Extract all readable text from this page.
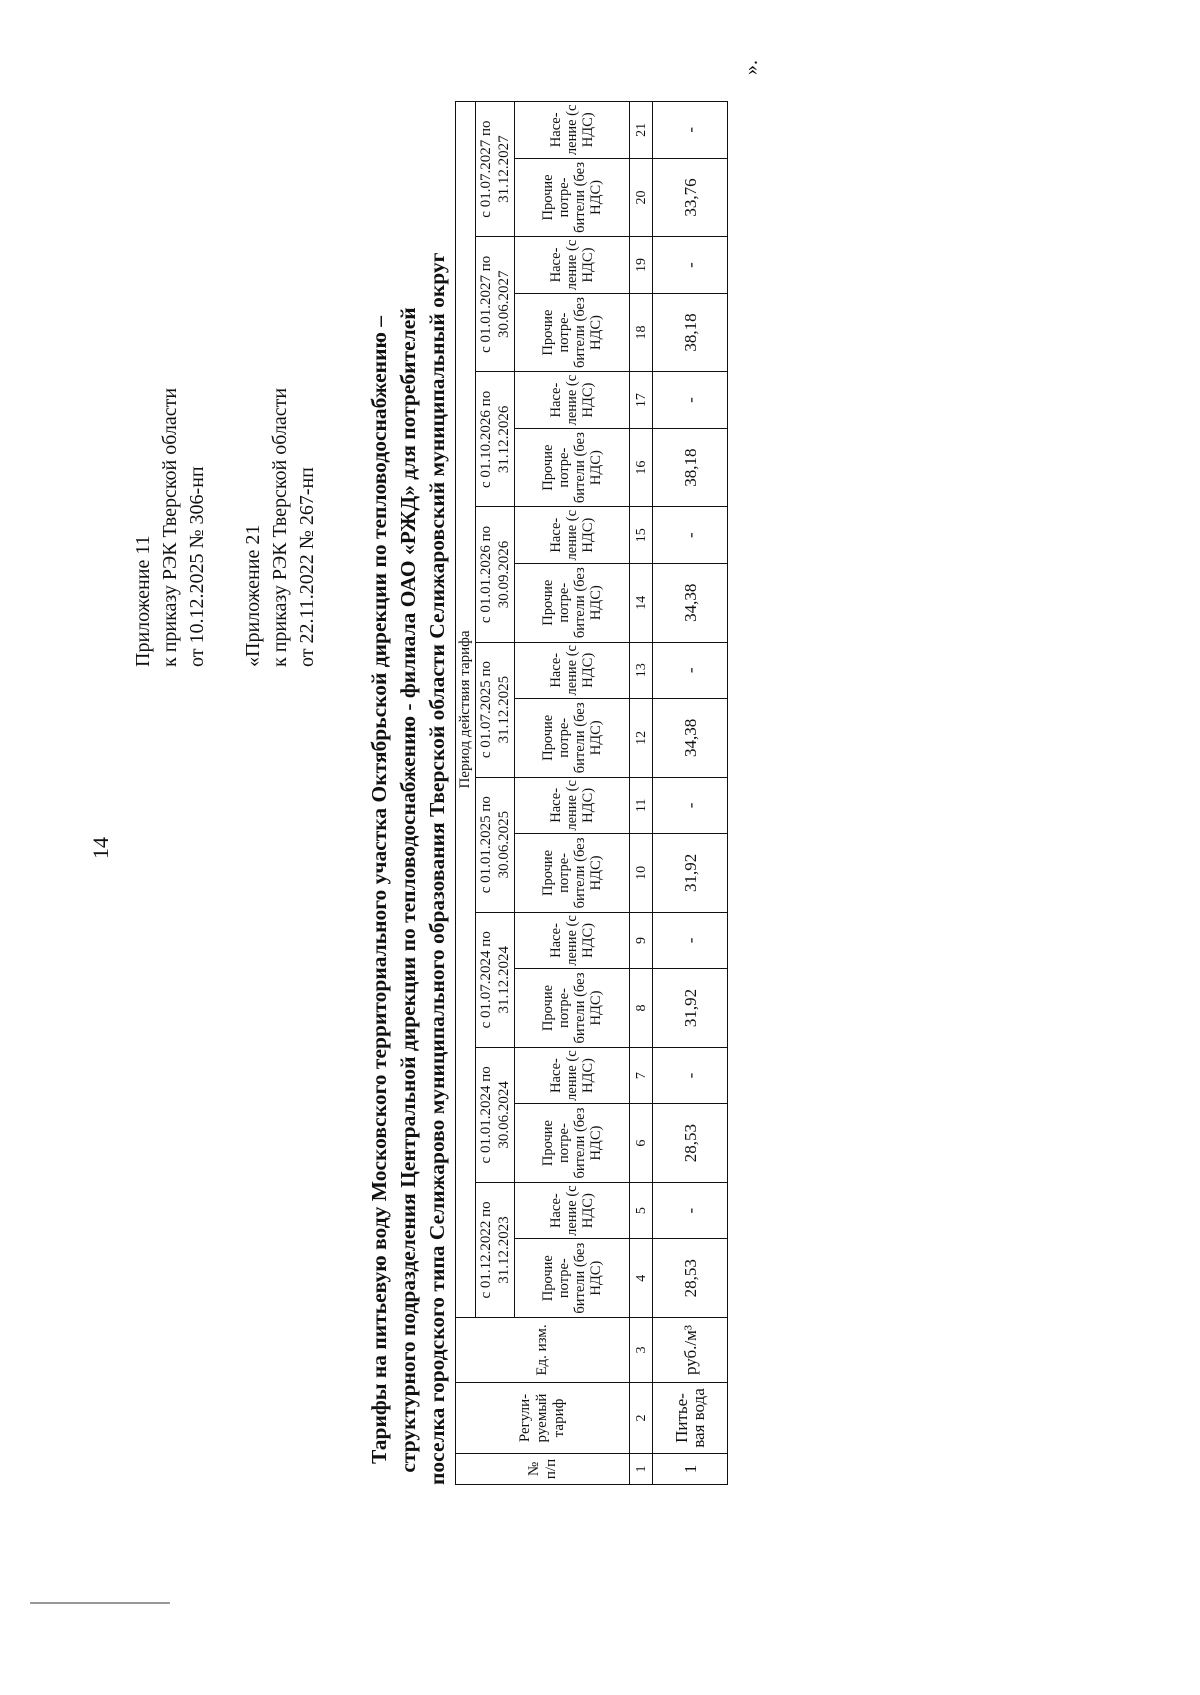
14
Приложение 11 к приказу РЭК Тверской области от 10.12.2025 № 306-нп «Приложение 21 к приказу РЭК Тверской области от 22.11.2022 № 267-нп Тарифы на питьевую воду Московского территориального участка Октябрьской дирекции по тепловодоснабжению – структурного подразделения Центральной дирекции по тепловодоснабжению - филиала ОАО «РЖД» для потребителей поселка городского типа Селижарово муниципального образования Тверской области Селижаровский муниципальный округ	№ п/п	Регули-руемый тариф	Ед. изм.	Период действия тарифа																	
			с 01.12.2022 по 31.12.2023		с 01.01.2024 по 30.06.2024		с 01.07.2024 по 31.12.2024		с 01.01.2025 по 30.06.2025		с 01.07.2025 по 31.12.2025		с 01.01.2026 по 30.09.2026		с 01.10.2026 по 31.12.2026		с 01.01.2027 по 30.06.2027		с 01.07.2027 по 31.12.2027	
			Прочие потре-бители (без НДС)	Насе-ление (с НДС)	Прочие потре-бители (без НДС)	Насе-ление (с НДС)	Прочие потре-бители (без НДС)	Насе-ление (с НДС)	Прочие потре-бители (без НДС)	Насе-ление (с НДС)	Прочие потре-бители (без НДС)	Насе-ление (с НДС)	Прочие потре-бители (без НДС)	Насе-ление (с НДС)	Прочие потре-бители (без НДС)	Насе-ление (с НДС)	Прочие потре-бители (без НДС)	Насе-ление (с НДС)	Прочие потре-бители (без НДС)	Насе-ление (с НДС)
1	2	3	4	5	6	7	8	9	10	11	12	13	14	15	16	17	18	19	20	21
1	Питье-вая вода	руб./м³	28,53	-	28,53	-	31,92	-	31,92	-	34,38	-	34,38	-	38,18	-	38,18	-	33,76	-
».
